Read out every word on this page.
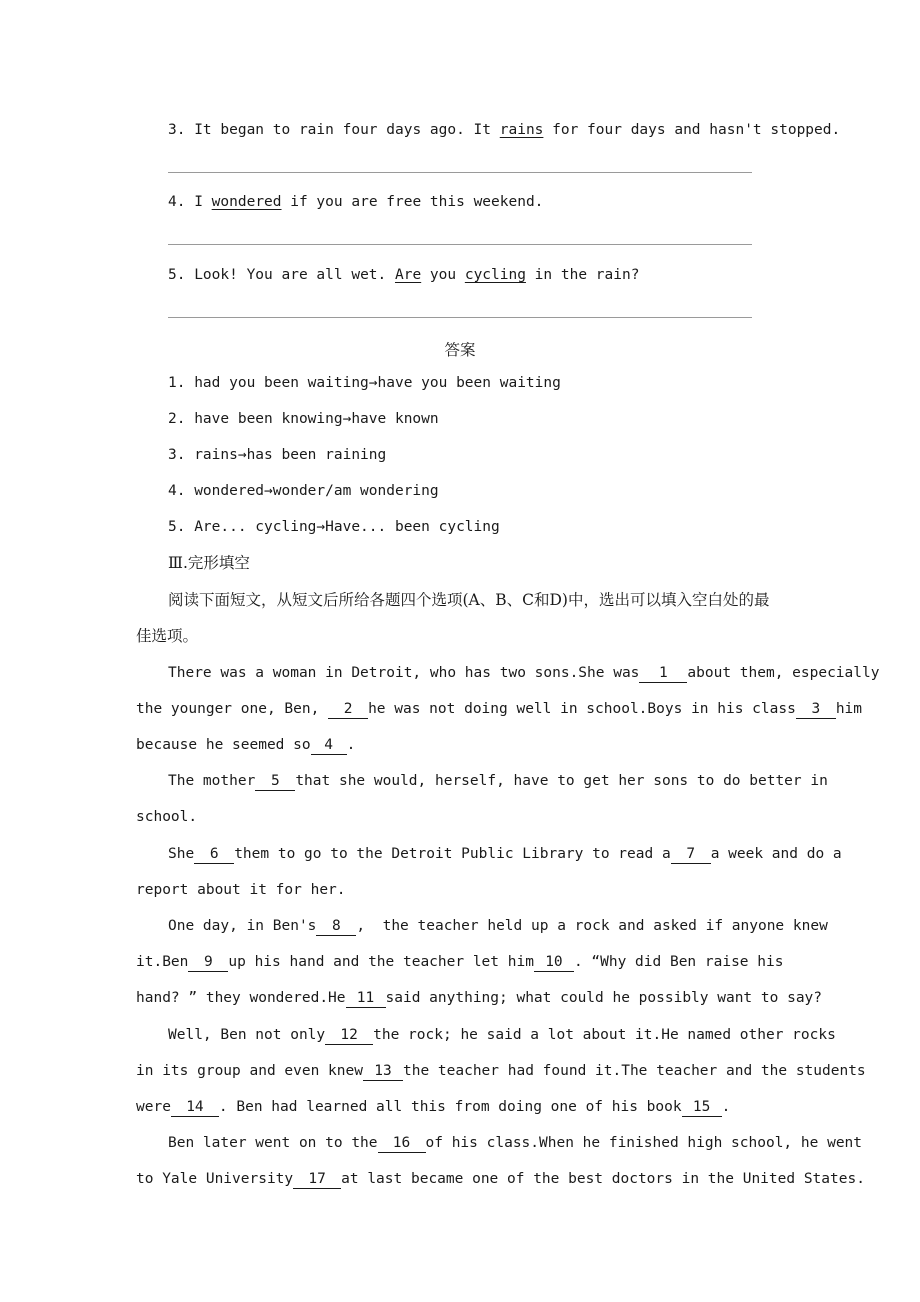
3. It began to rain four days ago. It rains for four days and hasn't stopped.
4. I wondered if you are free this weekend.
5. Look! You are all wet. Are you cycling in the rain?
答案
1. had you been waiting→have you been waiting
2. have been knowing→have known
3. rains→has been raining
4. wondered→wonder/am wondering
5. Are... cycling→Have... been cycling
Ⅲ.完形填空
阅读下面短文，从短文后所给各题四个选项(A、B、C和D)中，选出可以填入空白处的最
佳选项。
There was a woman in Detroit, who has two sons.She was 1 about them, especially
the younger one, Ben, 2 he was not doing well in school.Boys in his class 3 him
because he seemed so 4 .
The mother 5 that she would, herself, have to get her sons to do better in
school.
She 6 them to go to the Detroit Public Library to read a 7 a week and do a
report about it for her.
One day, in Ben's 8 ,  the teacher held up a rock and asked if anyone knew
it.Ben 9 up his hand and the teacher let him 10 . “Why did Ben raise his
hand? ” they wondered.He 11 said anything; what could he possibly want to say?
Well, Ben not only 12 the rock; he said a lot about it.He named other rocks
in its group and even knew 13 the teacher had found it.The teacher and the students
were 14 . Ben had learned all this from doing one of his book 15 .
Ben later went on to the 16 of his class.When he finished high school, he went
to Yale University 17 at last became one of the best doctors in the United States.
